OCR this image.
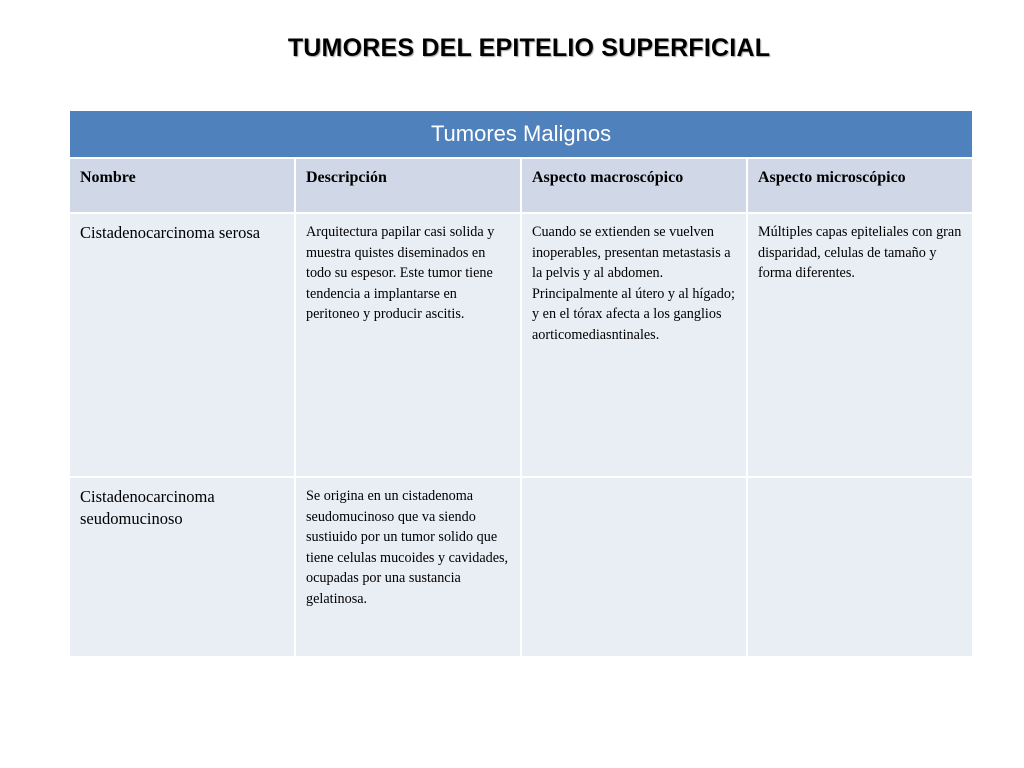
TUMORES DEL EPITELIO SUPERFICIAL
Tumores Malignos			

Nombre	Descripción	Aspecto macroscópico	Aspecto microscópico

Cistadenocarcinoma serosa	Arquitectura papilar casi solida y muestra quistes diseminados en todo su espesor. Este tumor tiene tendencia a implantarse en peritoneo y producir ascitis.	Cuando se extienden se vuelven inoperables, presentan metastasis a la pelvis y al abdomen. Principalmente al útero y al hígado; y en el tórax afecta a los ganglios aorticomediasntinales.	Múltiples capas epiteliales con gran disparidad, celulas de tamaño y forma diferentes.

Cistadenocarcinoma seudomucinoso	Se origina en un cistadenoma seudomucinoso que va siendo sustiuido por un tumor solido que tiene celulas mucoides y cavidades, ocupadas por una sustancia gelatinosa.		
